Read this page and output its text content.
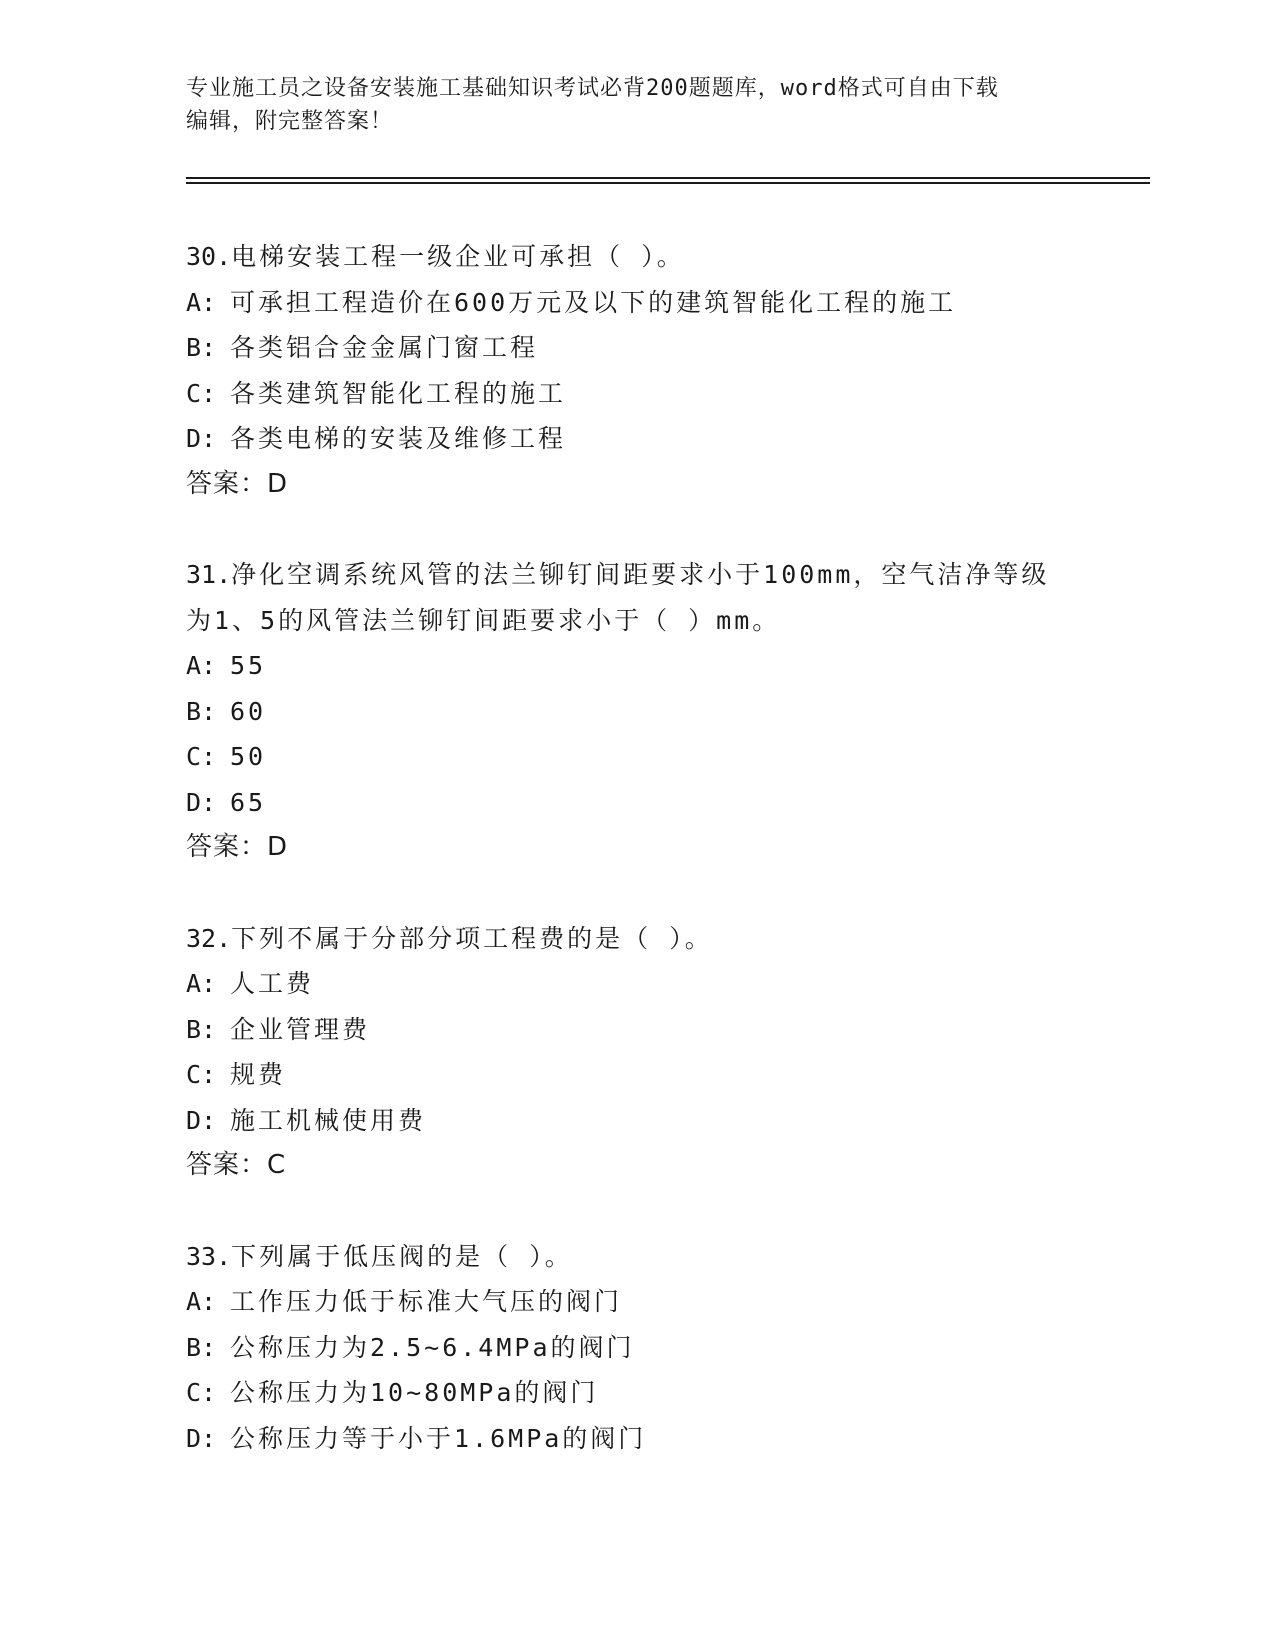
专业施工员之设备安装施工基础知识考试必背200题题库，word格式可自由下载
编辑，附完整答案！
30.电梯安装工程一级企业可承担（ ）。
A: 可承担工程造价在600万元及以下的建筑智能化工程的施工
B: 各类铝合金金属门窗工程
C: 各类建筑智能化工程的施工
D: 各类电梯的安装及维修工程
答案：D
31.净化空调系统风管的法兰铆钉间距要求小于100mm，空气洁净等级
为1、5的风管法兰铆钉间距要求小于（ ）mm。
A: 55
B: 60
C: 50
D: 65
答案：D
32.下列不属于分部分项工程费的是（ ）。
A: 人工费
B: 企业管理费
C: 规费
D: 施工机械使用费
答案：C
33.下列属于低压阀的是（ ）。
A: 工作压力低于标准大气压的阀门
B: 公称压力为2.5~6.4MPa的阀门
C: 公称压力为10~80MPa的阀门
D: 公称压力等于小于1.6MPa的阀门
